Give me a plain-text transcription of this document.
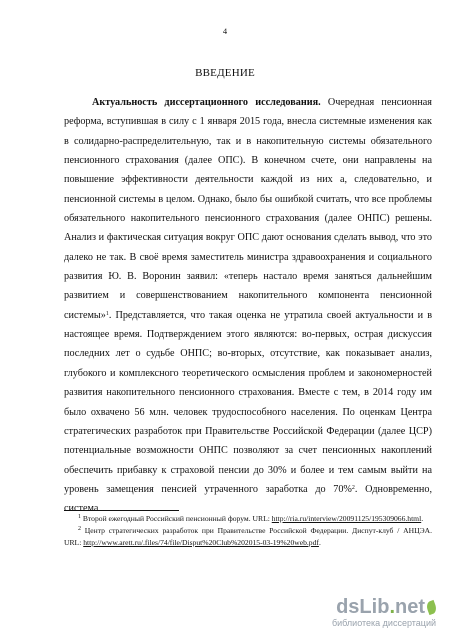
4
ВВЕДЕНИЕ

Актуальность диссертационного исследования. Очередная пенсионная реформа, вступившая в силу с 1 января 2015 года, внесла системные изменения как в солидарно-распределительную, так и в накопительную системы обязательного пенсионного страхования (далее ОПС). В конечном счете, они направлены на повышение эффективности деятельности каждой из них а, следовательно, и пенсионной системы в целом. Однако, было бы ошибкой считать, что все проблемы обязательного накопительного пенсионного страхования (далее ОНПС) решены. Анализ и фактическая ситуация вокруг ОПС дают основания сделать вывод, что это далеко не так. В своё время заместитель министра здравоохранения и социального развития Ю. В. Воронин заявил: «теперь настало время заняться дальнейшим развитием и совершенствованием накопительного компонента пенсионной системы»$^1$. Представляется, что такая оценка не утратила своей актуальности и в настоящее время. Подтверждением этого являются: во-первых, острая дискуссия последних лет о судьбе ОНПС; во-вторых, отсутствие, как показывает анализ, глубокого и комплексного теоретического осмысления проблем и закономерностей развития накопительного пенсионного страхования. Вместе с тем, в 2014 году им было охвачено 56 млн. человек трудоспособного населения. По оценкам Центра стратегических разработок при Правительстве Российской Федерации (далее ЦСР) потенциальные возможности ОНПС позволяют за счет пенсионных накоплений обеспечить прибавку к страховой пенсии до 30% и более и тем самым выйти на уровень замещения пенсией утраченного заработка до 70%$^2$. Одновременно, система

$^1$ Второй ежегодный Российский пенсионный форум. URL: http://ria.ru/interview/20091125/195309066.html.

$^2$ Центр стратегических разработок при Правительстве Российской Федерации. Диспут-клуб / АНЦЭА. URL: http://www.arett.ru/.files/74/file/Disput%20Club%202015-03-19%20web.pdf.

dsLib.net
библиотека диссертаций
